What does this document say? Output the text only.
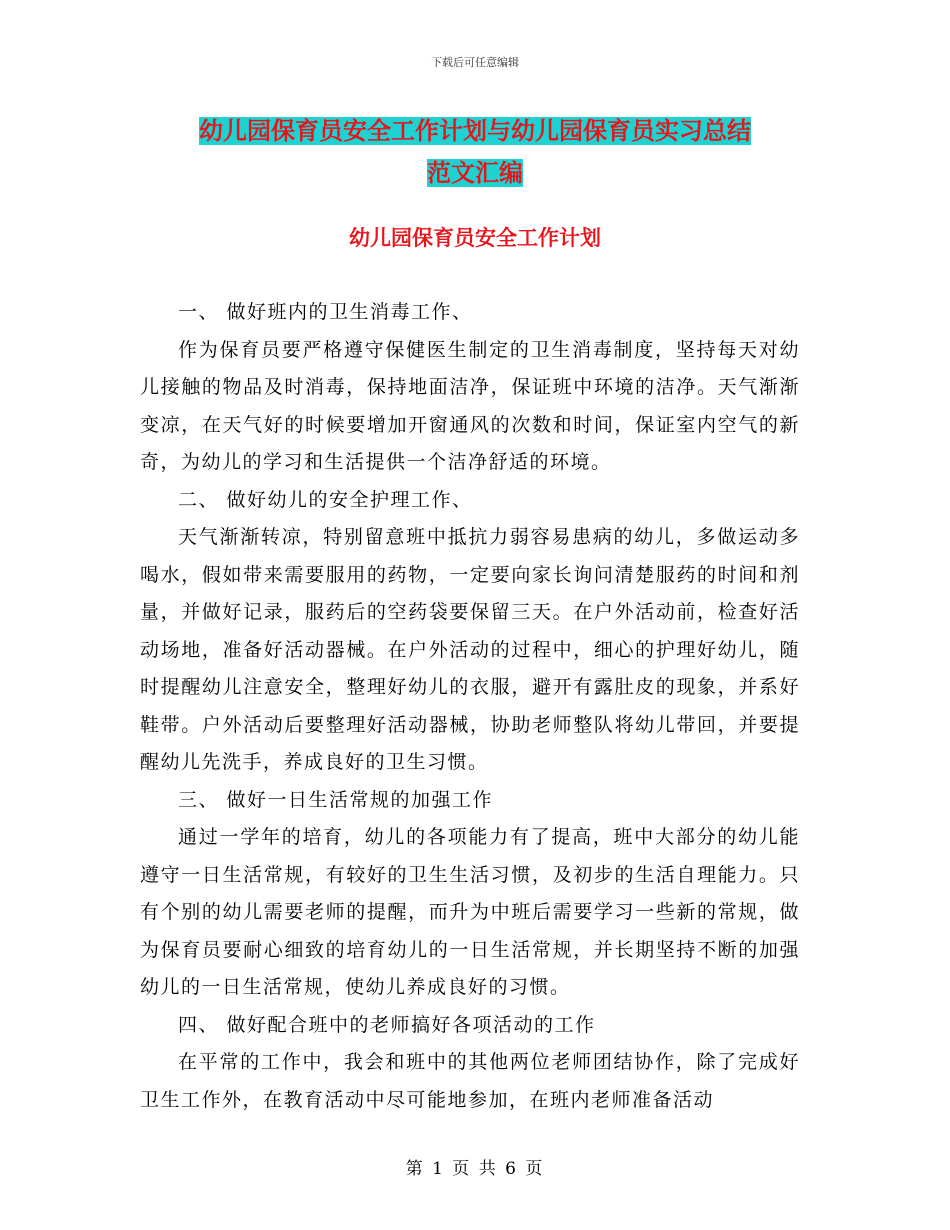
下载后可任意编辑
幼儿园保育员安全工作计划与幼儿园保育员实习总结
范文汇编
幼儿园保育员安全工作计划

一、 做好班内的卫生消毒工作、

作为保育员要严格遵守保健医生制定的卫生消毒制度，坚持每天对幼儿接触的物品及时消毒，保持地面洁净，保证班中环境的洁净。天气渐渐变凉，在天气好的时候要增加开窗通风的次数和时间，保证室内空气的新奇，为幼儿的学习和生活提供一个洁净舒适的环境。

二、 做好幼儿的安全护理工作、

天气渐渐转凉，特别留意班中抵抗力弱容易患病的幼儿，多做运动多喝水，假如带来需要服用的药物，一定要向家长询问清楚服药的时间和剂量，并做好记录，服药后的空药袋要保留三天。在户外活动前，检查好活动场地，准备好活动器械。在户外活动的过程中，细心的护理好幼儿，随时提醒幼儿注意安全，整理好幼儿的衣服，避开有露肚皮的现象，并系好鞋带。户外活动后要整理好活动器械，协助老师整队将幼儿带回，并要提醒幼儿先洗手，养成良好的卫生习惯。

三、 做好一日生活常规的加强工作

通过一学年的培育，幼儿的各项能力有了提高，班中大部分的幼儿能遵守一日生活常规，有较好的卫生生活习惯，及初步的生活自理能力。只有个别的幼儿需要老师的提醒，而升为中班后需要学习一些新的常规，做为保育员要耐心细致的培育幼儿的一日生活常规，并长期坚持不断的加强幼儿的一日生活常规，使幼儿养成良好的习惯。

四、 做好配合班中的老师搞好各项活动的工作

在平常的工作中，我会和班中的其他两位老师团结协作，除了完成好卫生工作外，在教育活动中尽可能地参加，在班内老师准备活动

第 1 页 共 6 页
